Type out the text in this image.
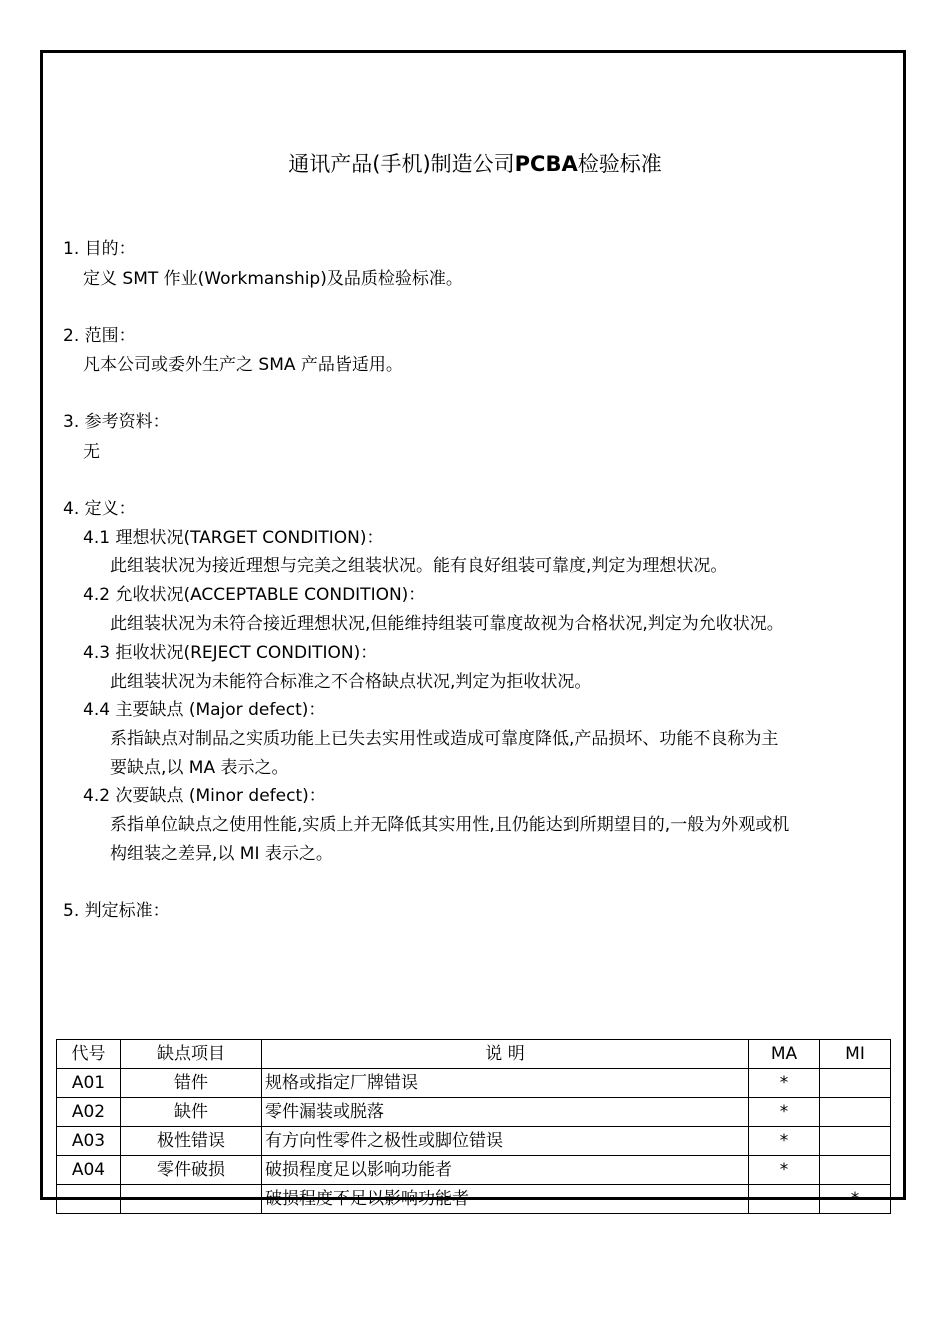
通讯产品(手机)制造公司PCBA检验标准
1. 目的：
定义 SMT 作业(Workmanship)及品质检验标准。
2. 范围：
凡本公司或委外生产之 SMA 产品皆适用。
3. 参考资料：
无
4. 定义：
4.1 理想状况(TARGET CONDITION)：
此组装状况为接近理想与完美之组装状况。能有良好组装可靠度,判定为理想状况。
4.2 允收状况(ACCEPTABLE CONDITION)：
此组装状况为未符合接近理想状况,但能维持组装可靠度故视为合格状况,判定为允收状况。
4.3 拒收状况(REJECT CONDITION)：
此组装状况为未能符合标准之不合格缺点状况,判定为拒收状况。
4.4 主要缺点 (Major defect)：
系指缺点对制品之实质功能上已失去实用性或造成可靠度降低,产品损坏、功能不良称为主
要缺点,以 MA 表示之。
4.2 次要缺点 (Minor defect)：
系指单位缺点之使用性能,实质上并无降低其实用性,且仍能达到所期望目的,一般为外观或机
构组装之差异,以 MI 表示之。
5. 判定标准：
代号	缺点项目	说 明	MA	MI
A01	错件	规格或指定厂牌错误	*	
A02	缺件	零件漏装或脱落	*	
A03	极性错误	有方向性零件之极性或脚位错误	*	
A04	零件破损	破损程度足以影响功能者	*	
		破损程度不足以影响功能者		*
